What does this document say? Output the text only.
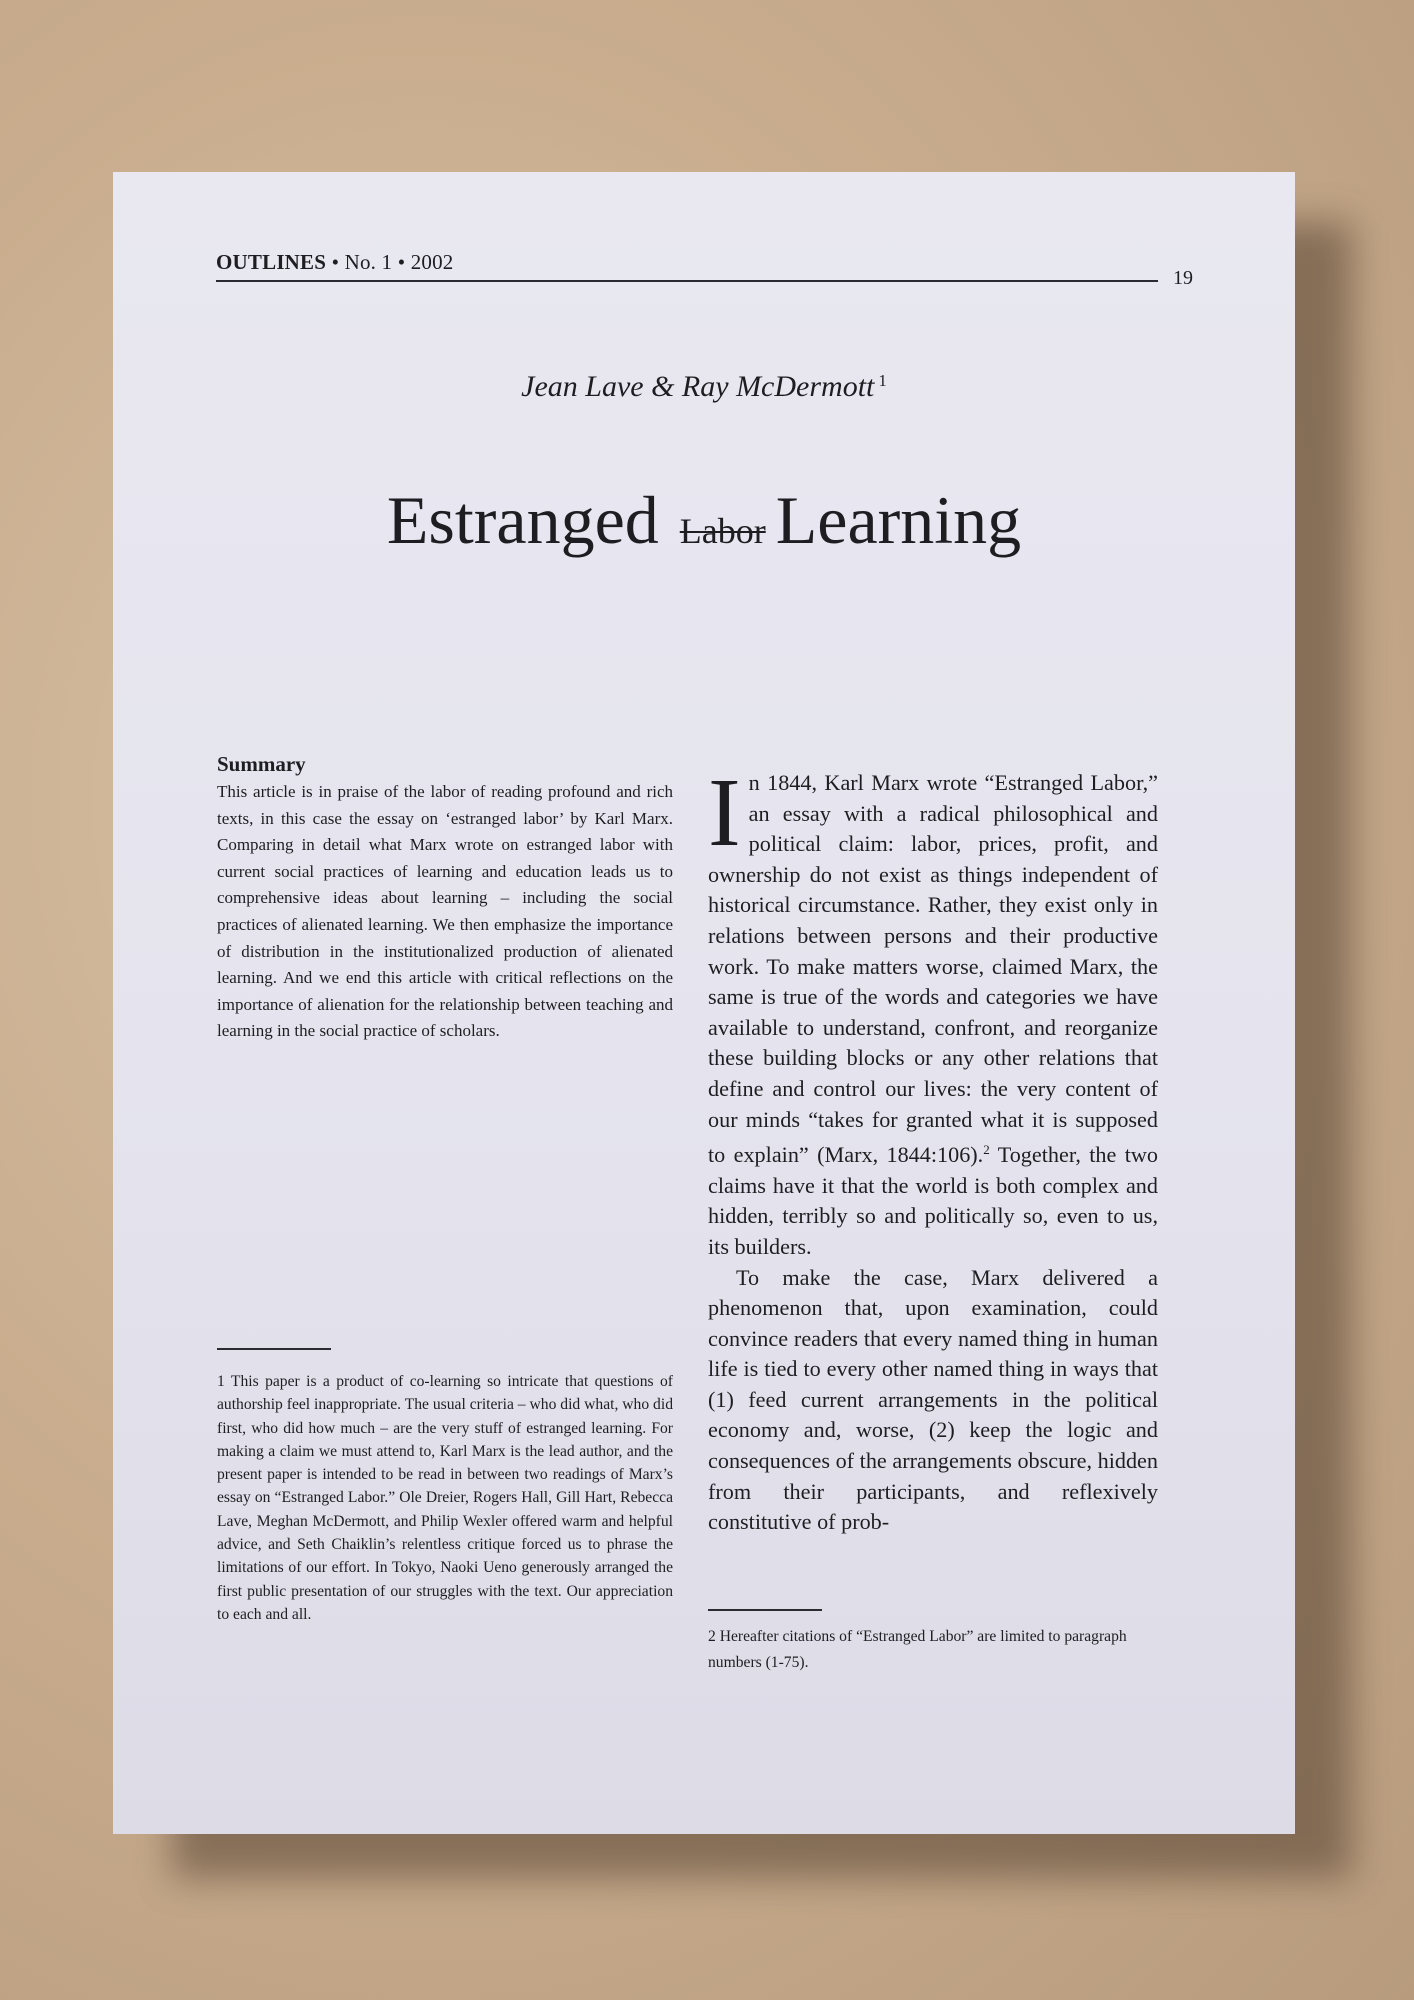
OUTLINES • No. 1 • 2002
19
Jean Lave & Ray McDermott $^1$
Estranged Labor Learning
Summary

This article is in praise of the labor of reading profound and rich texts, in this case the essay on ‘estranged labor’ by Karl Marx. Comparing in detail what Marx wrote on estranged labor with current social practices of learning and education leads us to comprehensive ideas about learning – including the social practices of alienated learning. We then emphasize the importance of distribution in the institutionalized production of alienated learning. And we end this article with critical reflections on the importance of alienation for the relationship between teaching and learning in the social practice of scholars.

1 This paper is a product of co-learning so intricate that questions of authorship feel inappropriate. The usual criteria – who did what, who did first, who did how much – are the very stuff of estranged learning. For making a claim we must attend to, Karl Marx is the lead author, and the present paper is intended to be read in between two readings of Marx’s essay on “Estranged Labor.” Ole Dreier, Rogers Hall, Gill Hart, Rebecca Lave, Meghan McDermott, and Philip Wexler offered warm and helpful advice, and Seth Chaiklin’s relentless critique forced us to phrase the limitations of our effort. In Tokyo, Naoki Ueno generously arranged the first public presentation of our struggles with the text. Our appreciation to each and all.

In 1844, Karl Marx wrote “Estranged Labor,” an essay with a radical philosophical and political claim: labor, prices, profit, and ownership do not exist as things independent of historical circumstance. Rather, they exist only in relations between persons and their productive work. To make matters worse, claimed Marx, the same is true of the words and categories we have available to understand, confront, and reorganize these building blocks or any other relations that define and control our lives: the very content of our minds “takes for granted what it is supposed to explain” (Marx, 1844:106).$^2$ Together, the two claims have it that the world is both complex and hidden, terribly so and politically so, even to us, its builders.

To make the case, Marx delivered a phenomenon that, upon examination, could convince readers that every named thing in human life is tied to every other named thing in ways that (1) feed current arrangements in the political economy and, worse, (2) keep the logic and consequences of the arrangements obscure, hidden from their participants, and reflexively constitutive of prob-

2 Hereafter citations of “Estranged Labor” are limited to paragraph numbers (1-75).
